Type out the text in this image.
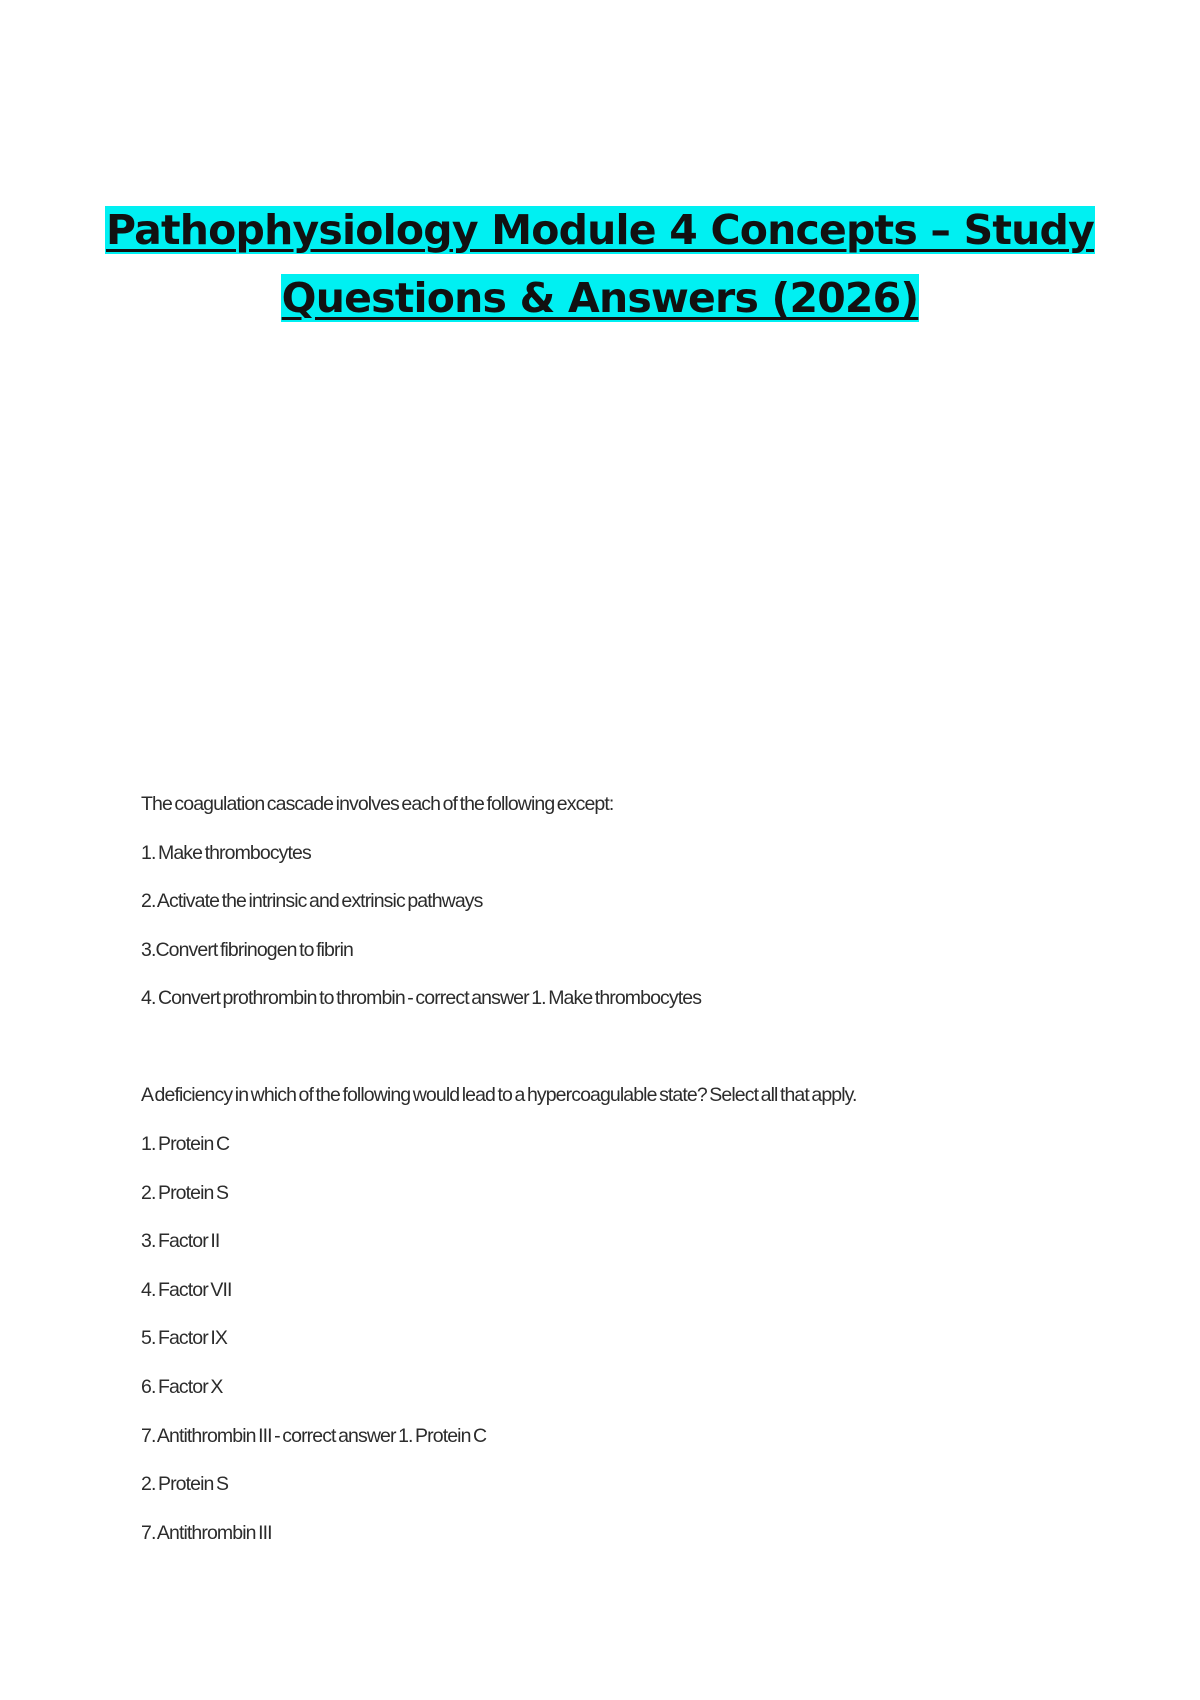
Pathophysiology Module 4 Concepts – Study
Questions & Answers (2026)
The coagulation cascade involves each of the following except:
1. Make thrombocytes
2. Activate the intrinsic and extrinsic pathways
3.Convert fibrinogen to fibrin
4. Convert prothrombin to thrombin - correct answer 1. Make thrombocytes
A deficiency in which of the following would lead to a hypercoagulable state? Select all that apply.
1. Protein C
2. Protein S
3. Factor II
4. Factor VII
5. Factor IX
6. Factor X
7. Antithrombin III - correct answer 1. Protein C
2. Protein S
7. Antithrombin III
